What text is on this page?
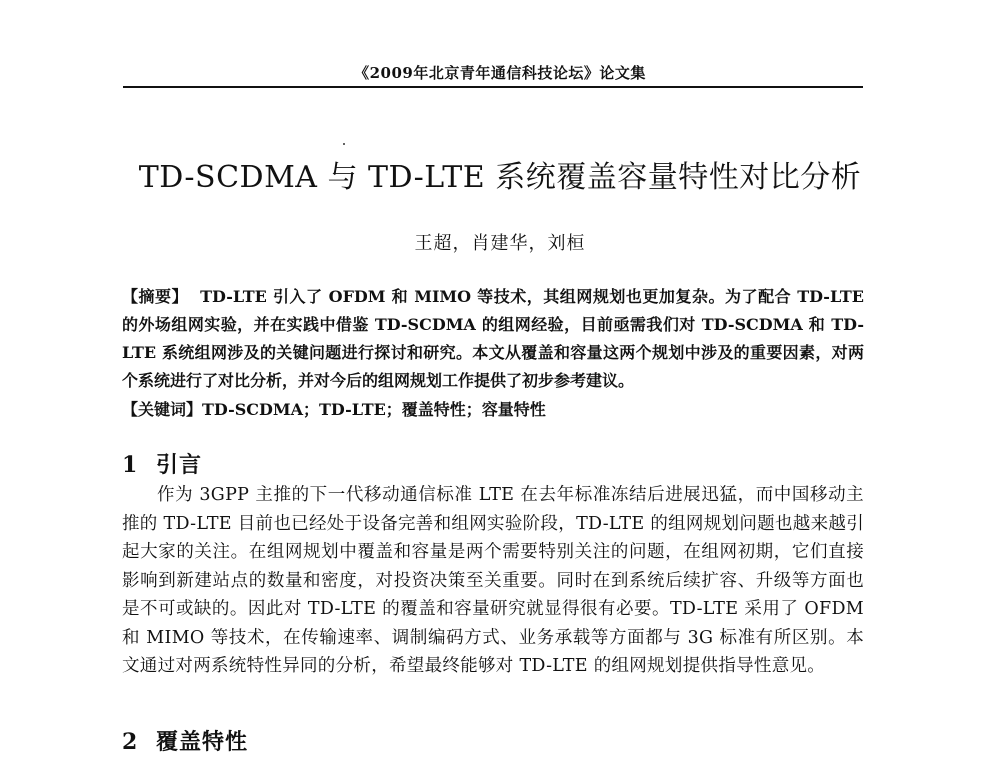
《2009年北京青年通信科技论坛》论文集
TD-SCDMA 与 TD-LTE 系统覆盖容量特性对比分析
王超，肖建华，刘桓
【摘要】 TD-LTE 引入了 OFDM 和 MIMO 等技术，其组网规划也更加复杂。为了配合 TD-LTE 的外场组网实验，并在实践中借鉴 TD-SCDMA 的组网经验，目前亟需我们对 TD-SCDMA 和 TD-LTE 系统组网涉及的关键问题进行探讨和研究。本文从覆盖和容量这两个规划中涉及的重要因素，对两个系统进行了对比分析，并对今后的组网规划工作提供了初步参考建议。
【关键词】TD-SCDMA；TD-LTE；覆盖特性；容量特性
1 引言
作为 3GPP 主推的下一代移动通信标准 LTE 在去年标准冻结后进展迅猛，而中国移动主推的 TD-LTE 目前也已经处于设备完善和组网实验阶段，TD-LTE 的组网规划问题也越来越引起大家的关注。在组网规划中覆盖和容量是两个需要特别关注的问题，在组网初期，它们直接影响到新建站点的数量和密度，对投资决策至关重要。同时在到系统后续扩容、升级等方面也是不可或缺的。因此对 TD-LTE 的覆盖和容量研究就显得很有必要。TD-LTE 采用了 OFDM 和 MIMO 等技术，在传输速率、调制编码方式、业务承载等方面都与 3G 标准有所区别。本文通过对两系统特性异同的分析，希望最终能够对 TD-LTE 的组网规划提供指导性意见。
2 覆盖特性
